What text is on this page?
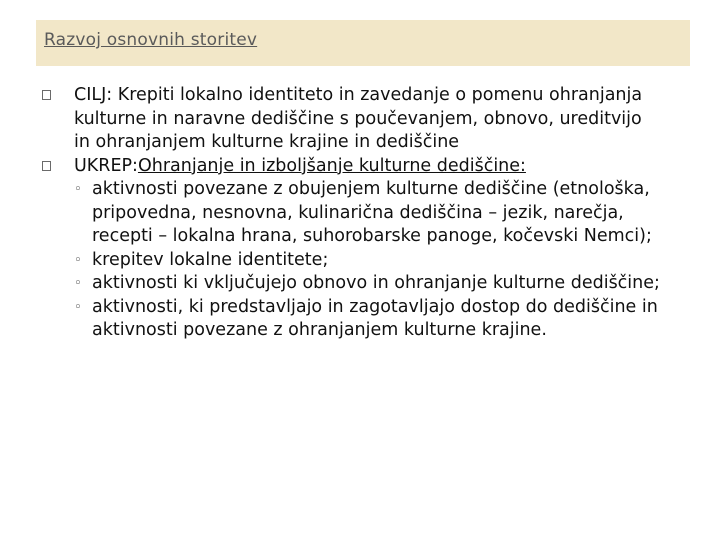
Razvoj osnovnih storitev
CILJ: Krepiti lokalno identiteto in zavedanje o pomenu ohranjanja kulturne in naravne dediščine s poučevanjem, obnovo, ureditvijo in ohranjanjem kulturne krajine in dediščine
UKREP:Ohranjanje in izboljšanje kulturne dediščine:
◦ aktivnosti povezane z obujenjem kulturne dediščine (etnološka, pripovedna, nesnovna, kulinarična dediščina – jezik, narečja, recepti – lokalna hrana, suhorobarske panoge, kočevski Nemci);
◦ krepitev lokalne identitete;
◦ aktivnosti ki vključujejo obnovo in ohranjanje kulturne dediščine;
◦ aktivnosti, ki predstavljajo in zagotavljajo dostop do dediščine in aktivnosti povezane z ohranjanjem kulturne krajine.
